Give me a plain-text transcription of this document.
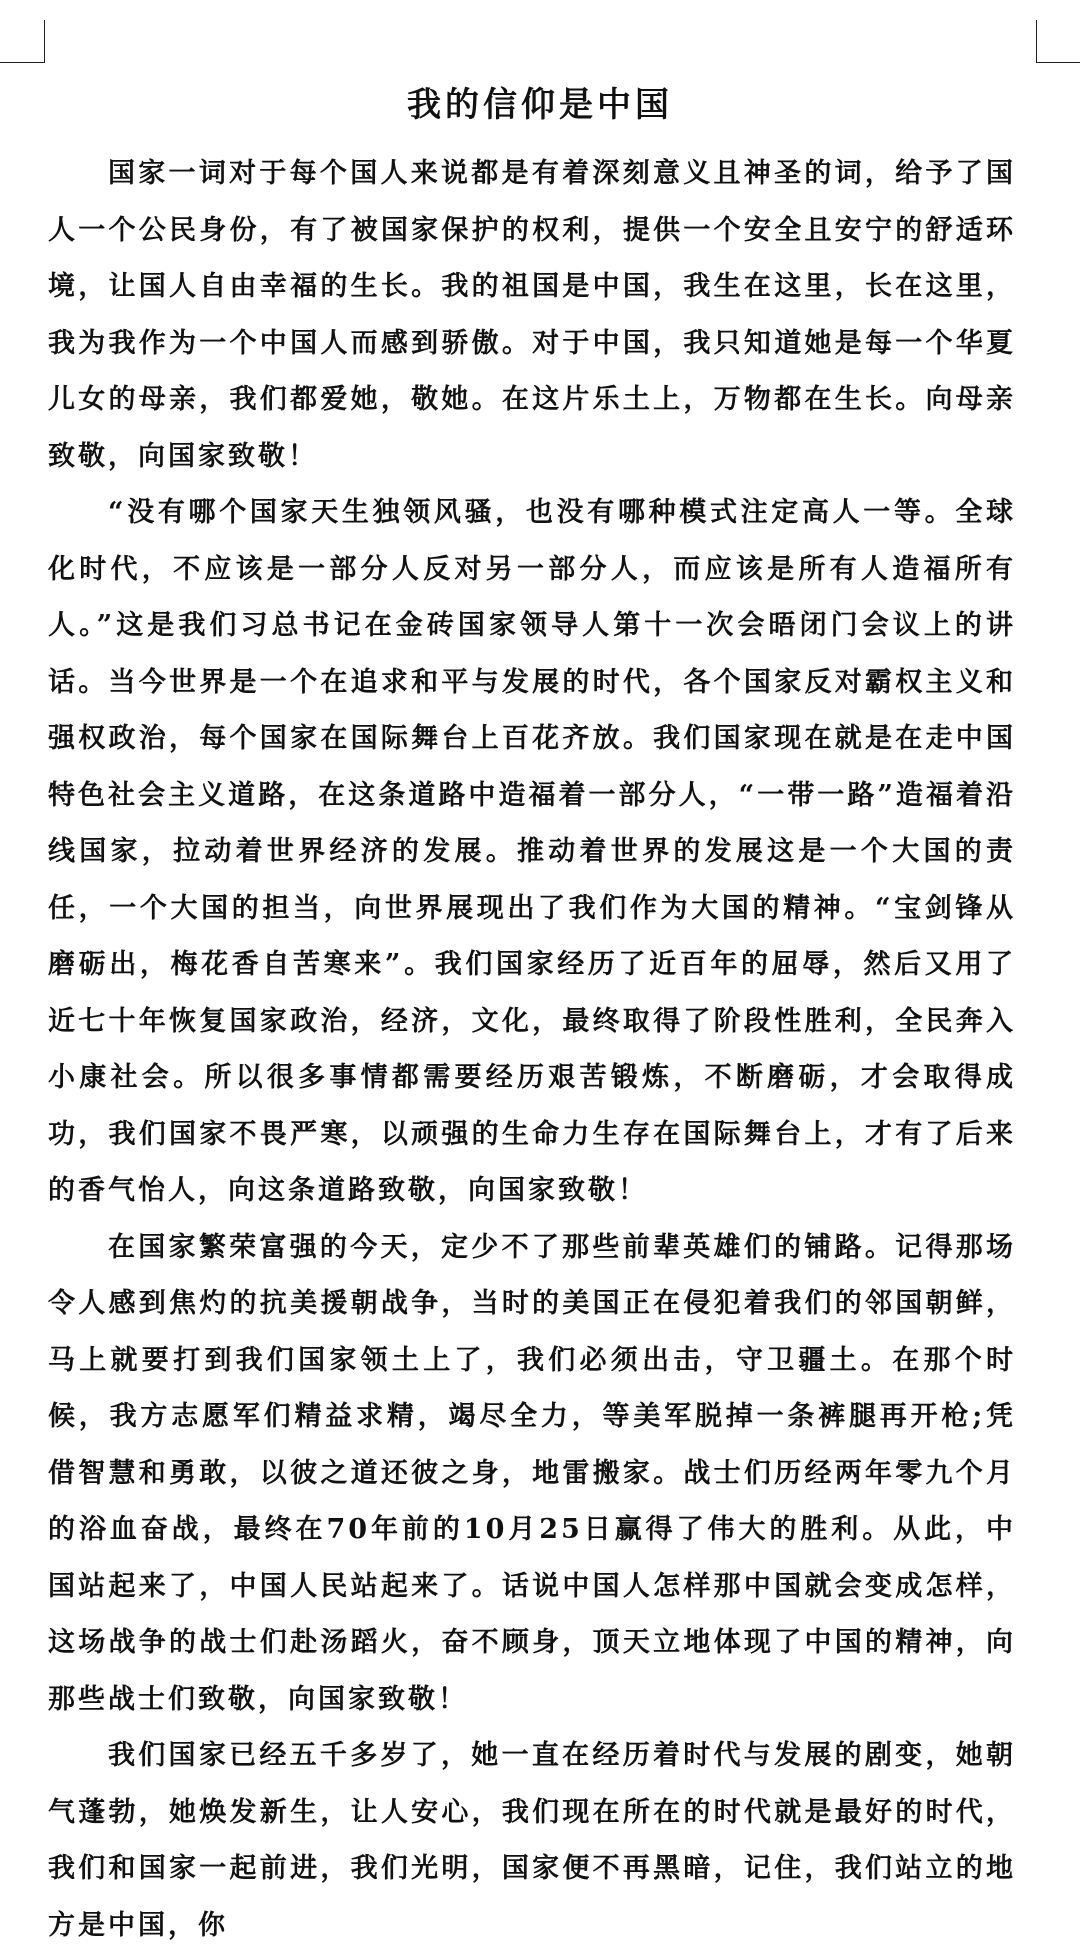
我的信仰是中国

国家一词对于每个国人来说都是有着深刻意义且神圣的词，给予了国人一个公民身份，有了被国家保护的权利，提供一个安全且安宁的舒适环境，让国人自由幸福的生长。我的祖国是中国，我生在这里，长在这里，我为我作为一个中国人而感到骄傲。对于中国，我只知道她是每一个华夏儿女的母亲，我们都爱她，敬她。在这片乐土上，万物都在生长。向母亲致敬，向国家致敬！

“没有哪个国家天生独领风骚，也没有哪种模式注定高人一等。全球化时代，不应该是一部分人反对另一部分人，而应该是所有人造福所有人。”这是我们习总书记在金砖国家领导人第十一次会晤闭门会议上的讲话。当今世界是一个在追求和平与发展的时代，各个国家反对霸权主义和强权政治，每个国家在国际舞台上百花齐放。我们国家现在就是在走中国特色社会主义道路，在这条道路中造福着一部分人，“一带一路”造福着沿线国家，拉动着世界经济的发展。推动着世界的发展这是一个大国的责任，一个大国的担当，向世界展现出了我们作为大国的精神。“宝剑锋从磨砺出，梅花香自苦寒来”。我们国家经历了近百年的屈辱，然后又用了近七十年恢复国家政治，经济，文化，最终取得了阶段性胜利，全民奔入小康社会。所以很多事情都需要经历艰苦锻炼，不断磨砺，才会取得成功，我们国家不畏严寒，以顽强的生命力生存在国际舞台上，才有了后来的香气怡人，向这条道路致敬，向国家致敬！

在国家繁荣富强的今天，定少不了那些前辈英雄们的铺路。记得那场令人感到焦灼的抗美援朝战争，当时的美国正在侵犯着我们的邻国朝鲜，马上就要打到我们国家领土上了，我们必须出击，守卫疆土。在那个时候，我方志愿军们精益求精，竭尽全力，等美军脱掉一条裤腿再开枪;凭借智慧和勇敢，以彼之道还彼之身，地雷搬家。战士们历经两年零九个月的浴血奋战，最终在70年前的10月25日赢得了伟大的胜利。从此，中国站起来了，中国人民站起来了。话说中国人怎样那中国就会变成怎样，这场战争的战士们赴汤蹈火，奋不顾身，顶天立地体现了中国的精神，向那些战士们致敬，向国家致敬！

我们国家已经五千多岁了，她一直在经历着时代与发展的剧变，她朝气蓬勃，她焕发新生，让人安心，我们现在所在的时代就是最好的时代，我们和国家一起前进，我们光明，国家便不再黑暗，记住，我们站立的地方是中国，你
